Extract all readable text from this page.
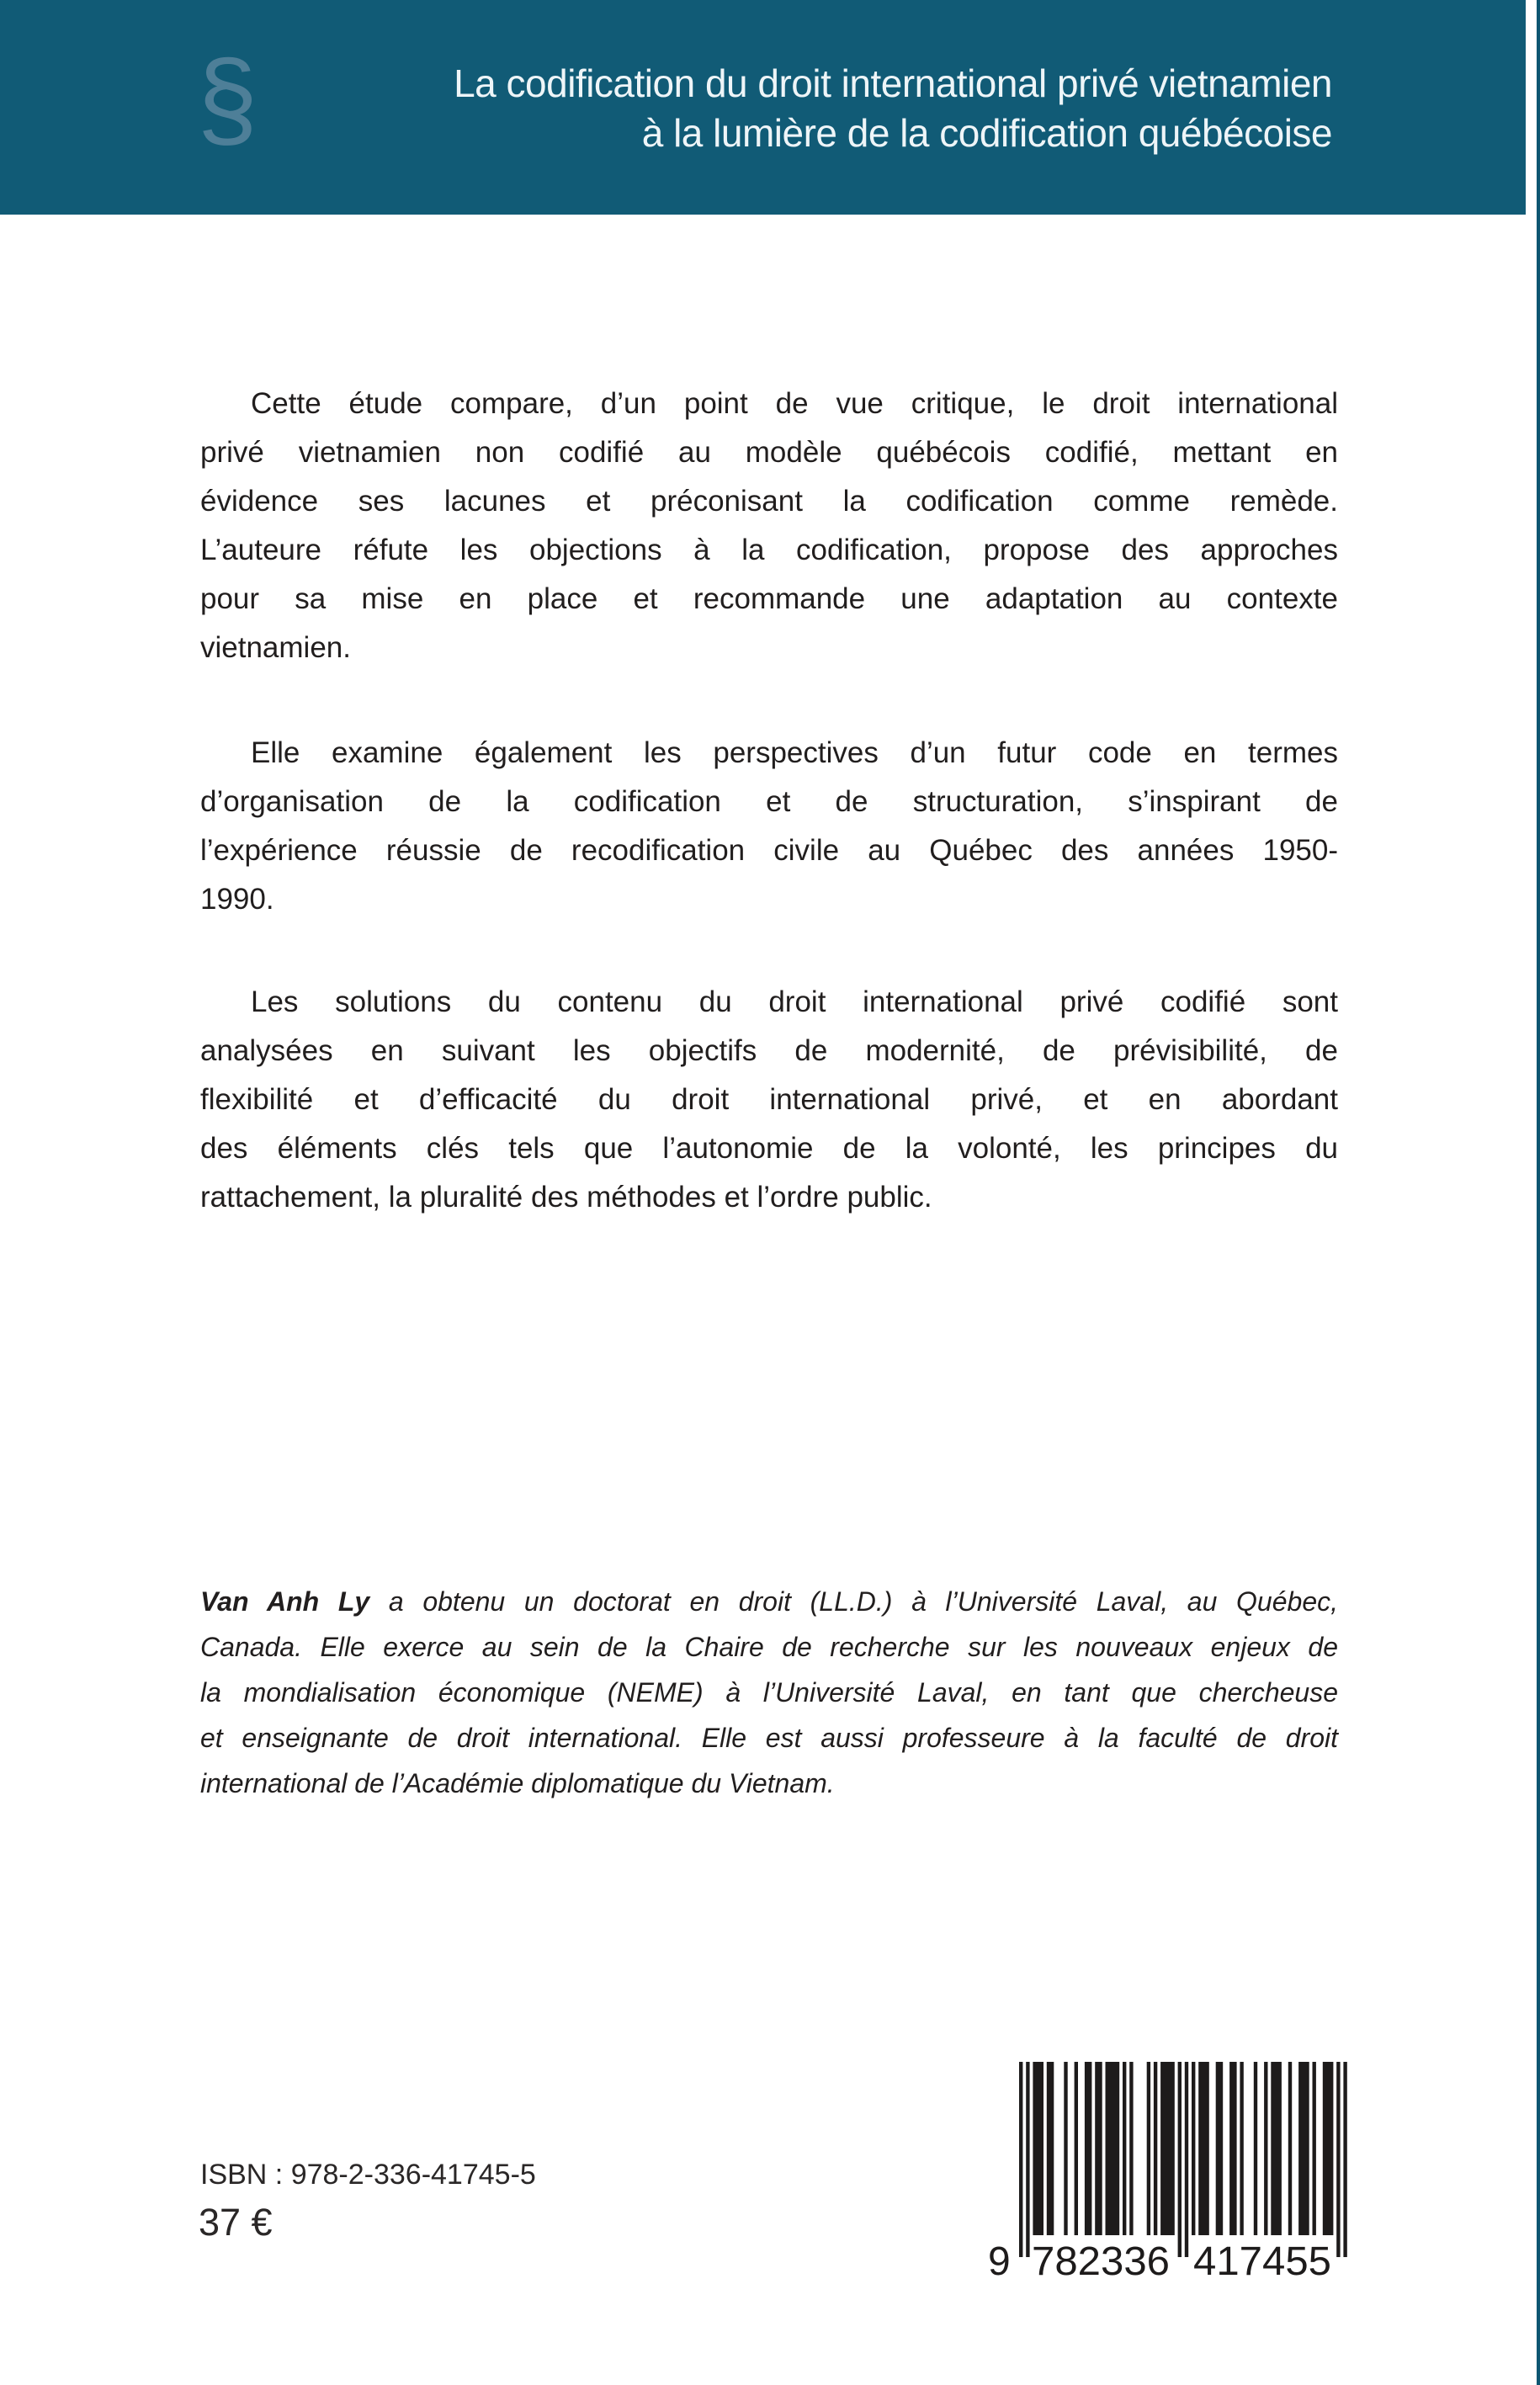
§	La codification du droit international privé vietnamien
à la lumière de la codification québécoise
Cette étude compare, d’un point de vue critique, le droit international
privé vietnamien non codifié au modèle québécois codifié, mettant en
évidence ses lacunes et préconisant la codification comme remède.
L’auteure réfute les objections à la codification, propose des approches
pour sa mise en place et recommande une adaptation au contexte
vietnamien.
Elle examine également les perspectives d’un futur code en termes
d’organisation de la codification et de structuration, s’inspirant de
l’expérience réussie de recodification civile au Québec des années 1950-
1990.
Les solutions du contenu du droit international privé codifié sont
analysées en suivant les objectifs de modernité, de prévisibilité, de
flexibilité et d’efficacité du droit international privé, et en abordant
des éléments clés tels que l’autonomie de la volonté, les principes du
rattachement, la pluralité des méthodes et l’ordre public.
Van Anh Ly a obtenu un doctorat en droit (LL.D.) à l’Université Laval, au Québec,
Canada. Elle exerce au sein de la Chaire de recherche sur les nouveaux enjeux de
la mondialisation économique (NEME) à l’Université Laval, en tant que chercheuse
et enseignante de droit international. Elle est aussi professeure à la faculté de droit
international de l’Académie diplomatique du Vietnam.
ISBN : 978-2-336-41745-5
37 €
9 782336 417455
